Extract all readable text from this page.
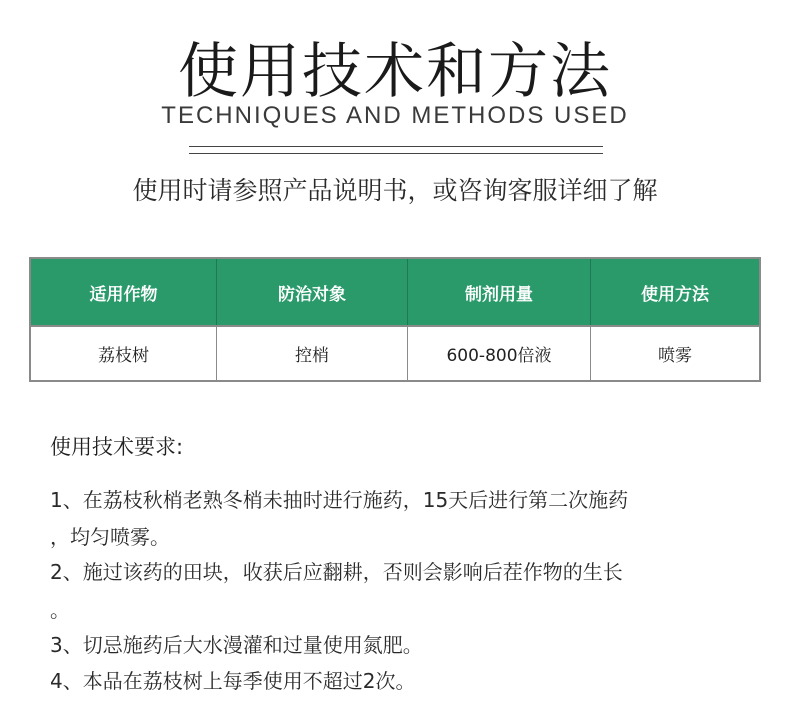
使用技术和方法
TECHNIQUES AND METHODS USED
使用时请参照产品说明书，或咨询客服详细了解
适用作物	防治对象	制剂用量	使用方法
荔枝树	控梢	600-800倍液	喷雾
使用技术要求:
1、在荔枝秋梢老熟冬梢未抽时进行施药，15天后进行第二次施药
，均匀喷雾。
2、施过该药的田块，收获后应翻耕，否则会影响后茬作物的生长
。
3、切忌施药后大水漫灌和过量使用氮肥。
4、本品在荔枝树上每季使用不超过2次。
